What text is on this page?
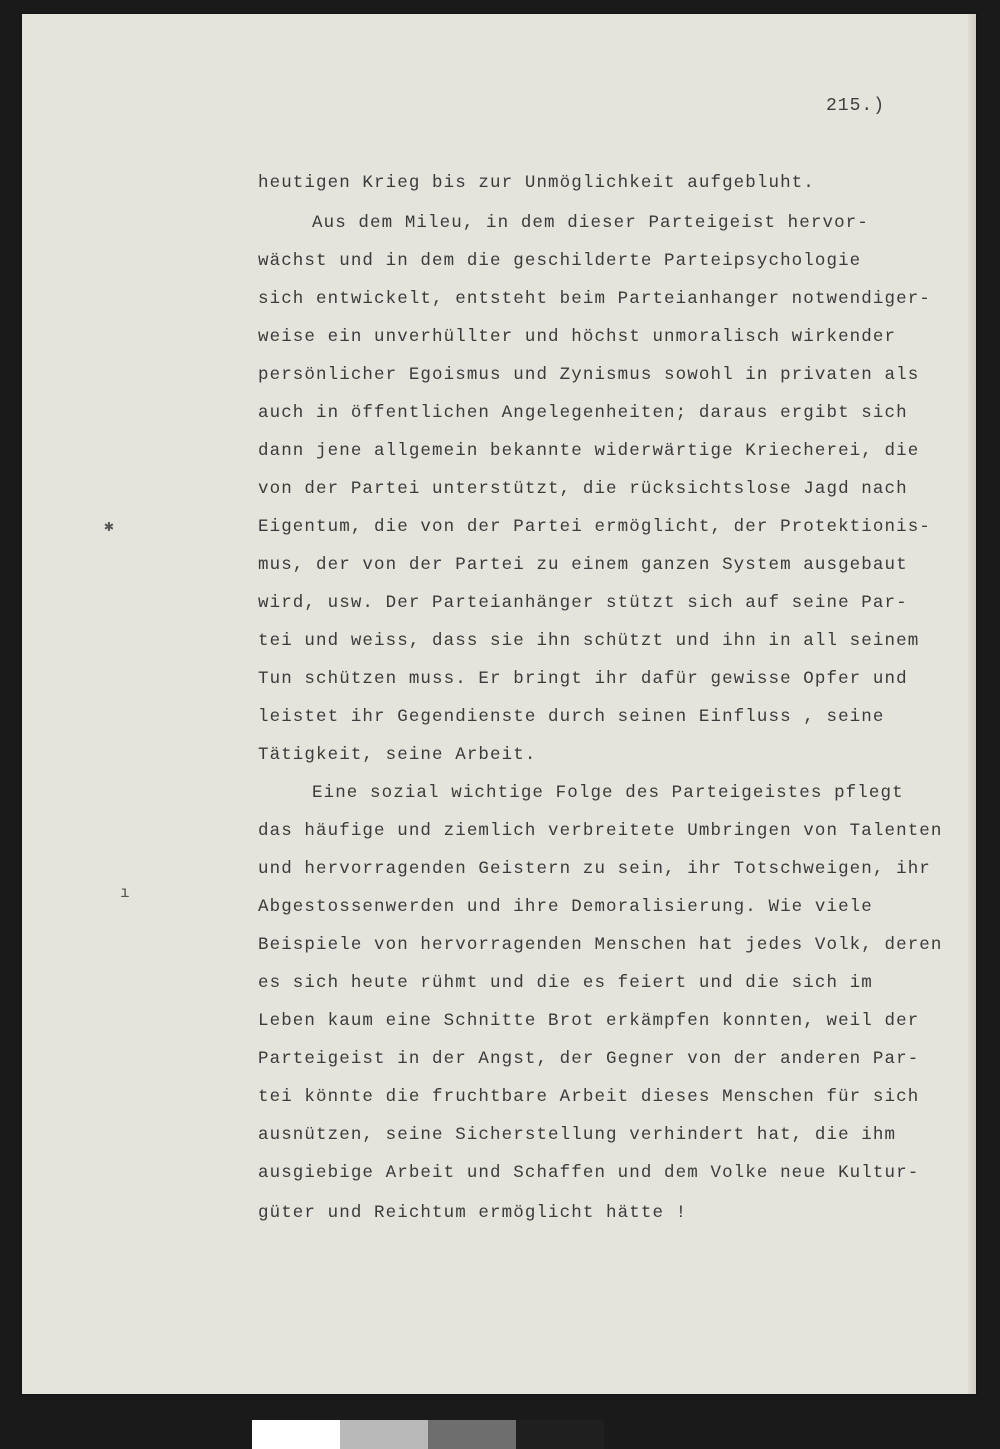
215.)
heutigen Krieg bis zur Unmöglichkeit aufgebluht.
Aus dem Mileu, in dem dieser Parteigeist hervor-
wächst und in dem die geschilderte Parteipsychologie
sich entwickelt, entsteht beim Parteianhanger notwendiger-
weise ein unverhüllter und höchst unmoralisch wirkender
persönlicher Egoismus und Zynismus sowohl in privaten als
auch in öffentlichen Angelegenheiten; daraus ergibt sich
dann jene allgemein bekannte widerwärtige Kriecherei, die
von der Partei unterstützt, die rücksichtslose Jagd nach
Eigentum, die von der Partei ermöglicht, der Protektionis-
mus, der von der Partei zu einem ganzen System ausgebaut
wird, usw. Der Parteianhänger stützt sich auf seine Par-
tei und weiss, dass sie ihn schützt und ihn in all seinem
Tun schützen muss. Er bringt ihr dafür gewisse Opfer und
leistet ihr Gegendienste durch seinen Einfluss , seine
Tätigkeit, seine Arbeit.
Eine sozial wichtige Folge des Parteigeistes pflegt
das häufige und ziemlich verbreitete Umbringen von Talenten
und hervorragenden Geistern zu sein, ihr Totschweigen, ihr
Abgestossenwerden und ihre Demoralisierung. Wie viele
Beispiele von hervorragenden Menschen hat jedes Volk, deren
es sich heute rühmt und die es feiert und die sich im
Leben kaum eine Schnitte Brot erkämpfen konnten, weil der
Parteigeist in der Angst, der Gegner von der anderen Par-
tei könnte die fruchtbare Arbeit dieses Menschen für sich
ausnützen, seine Sicherstellung verhindert hat, die ihm
ausgiebige Arbeit und Schaffen und dem Volke neue Kultur-
güter und Reichtum ermöglicht hätte !
✱
ı
